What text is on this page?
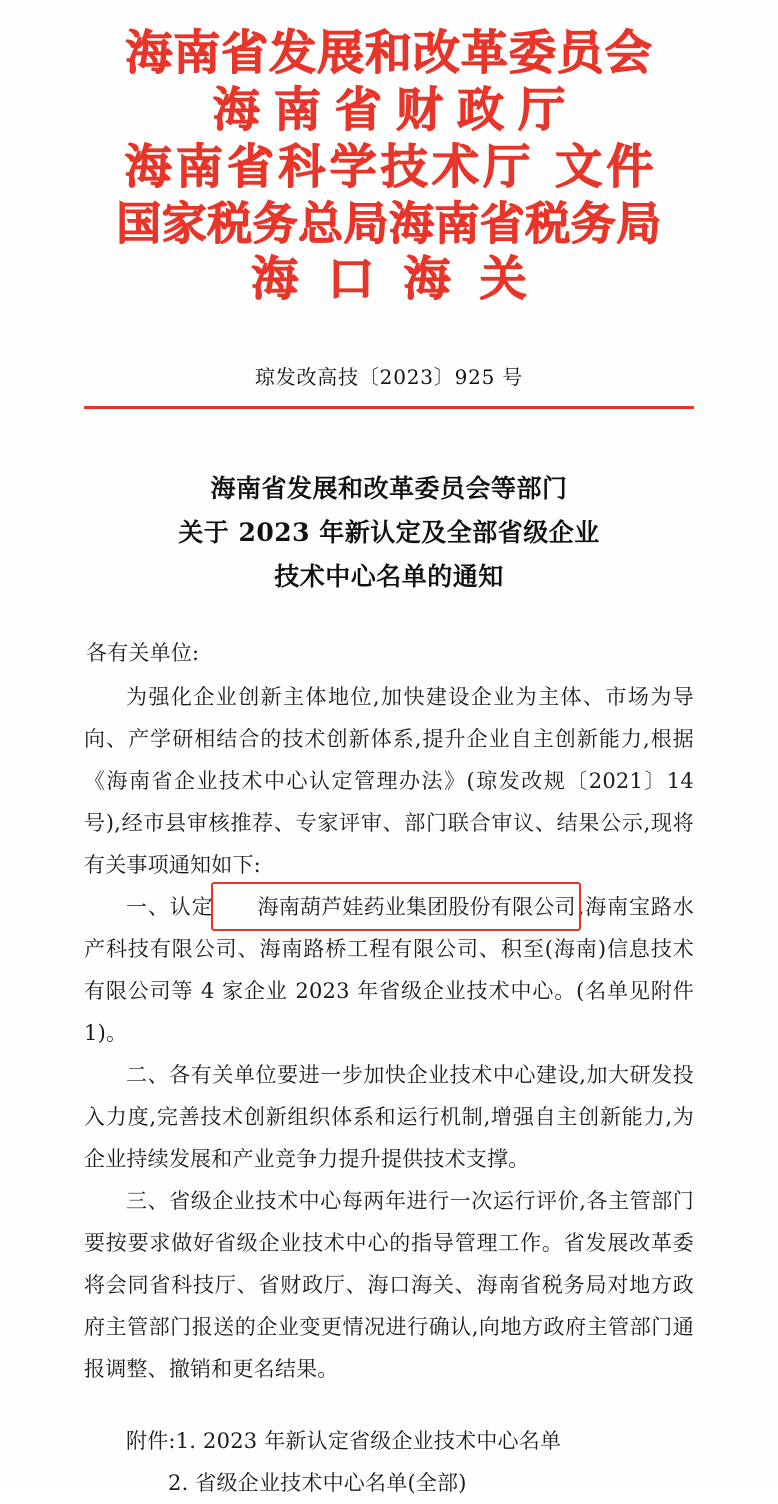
海南省发展和改革委员会
海南省财政厅
海南省科学技术厅 文件
国家税务总局海南省税务局
海口海关
琼发改高技〔2023〕925 号
海南省发展和改革委员会等部门
关于 2023 年新认定及全部省级企业
技术中心名单的通知
各有关单位:

为强化企业创新主体地位,加快建设企业为主体、市场为导向、产学研相结合的技术创新体系,提升企业自主创新能力,根据《海南省企业技术中心认定管理办法》(琼发改规〔2021〕14 号),经市县审核推荐、专家评审、部门联合审议、结果公示,现将有关事项通知如下:

一、认定 海南葫芦娃药业集团股份有限公司,海南宝路水产科技有限公司、海南路桥工程有限公司、积至(海南)信息技术有限公司等 4 家企业 2023 年省级企业技术中心。(名单见附件 1)。

二、各有关单位要进一步加快企业技术中心建设,加大研发投入力度,完善技术创新组织体系和运行机制,增强自主创新能力,为企业持续发展和产业竞争力提升提供技术支撑。

三、省级企业技术中心每两年进行一次运行评价,各主管部门要按要求做好省级企业技术中心的指导管理工作。省发展改革委将会同省科技厅、省财政厅、海口海关、海南省税务局对地方政府主管部门报送的企业变更情况进行确认,向地方政府主管部门通报调整、撤销和更名结果。

附件:1. 2023 年新认定省级企业技术中心名单
2. 省级企业技术中心名单(全部)
